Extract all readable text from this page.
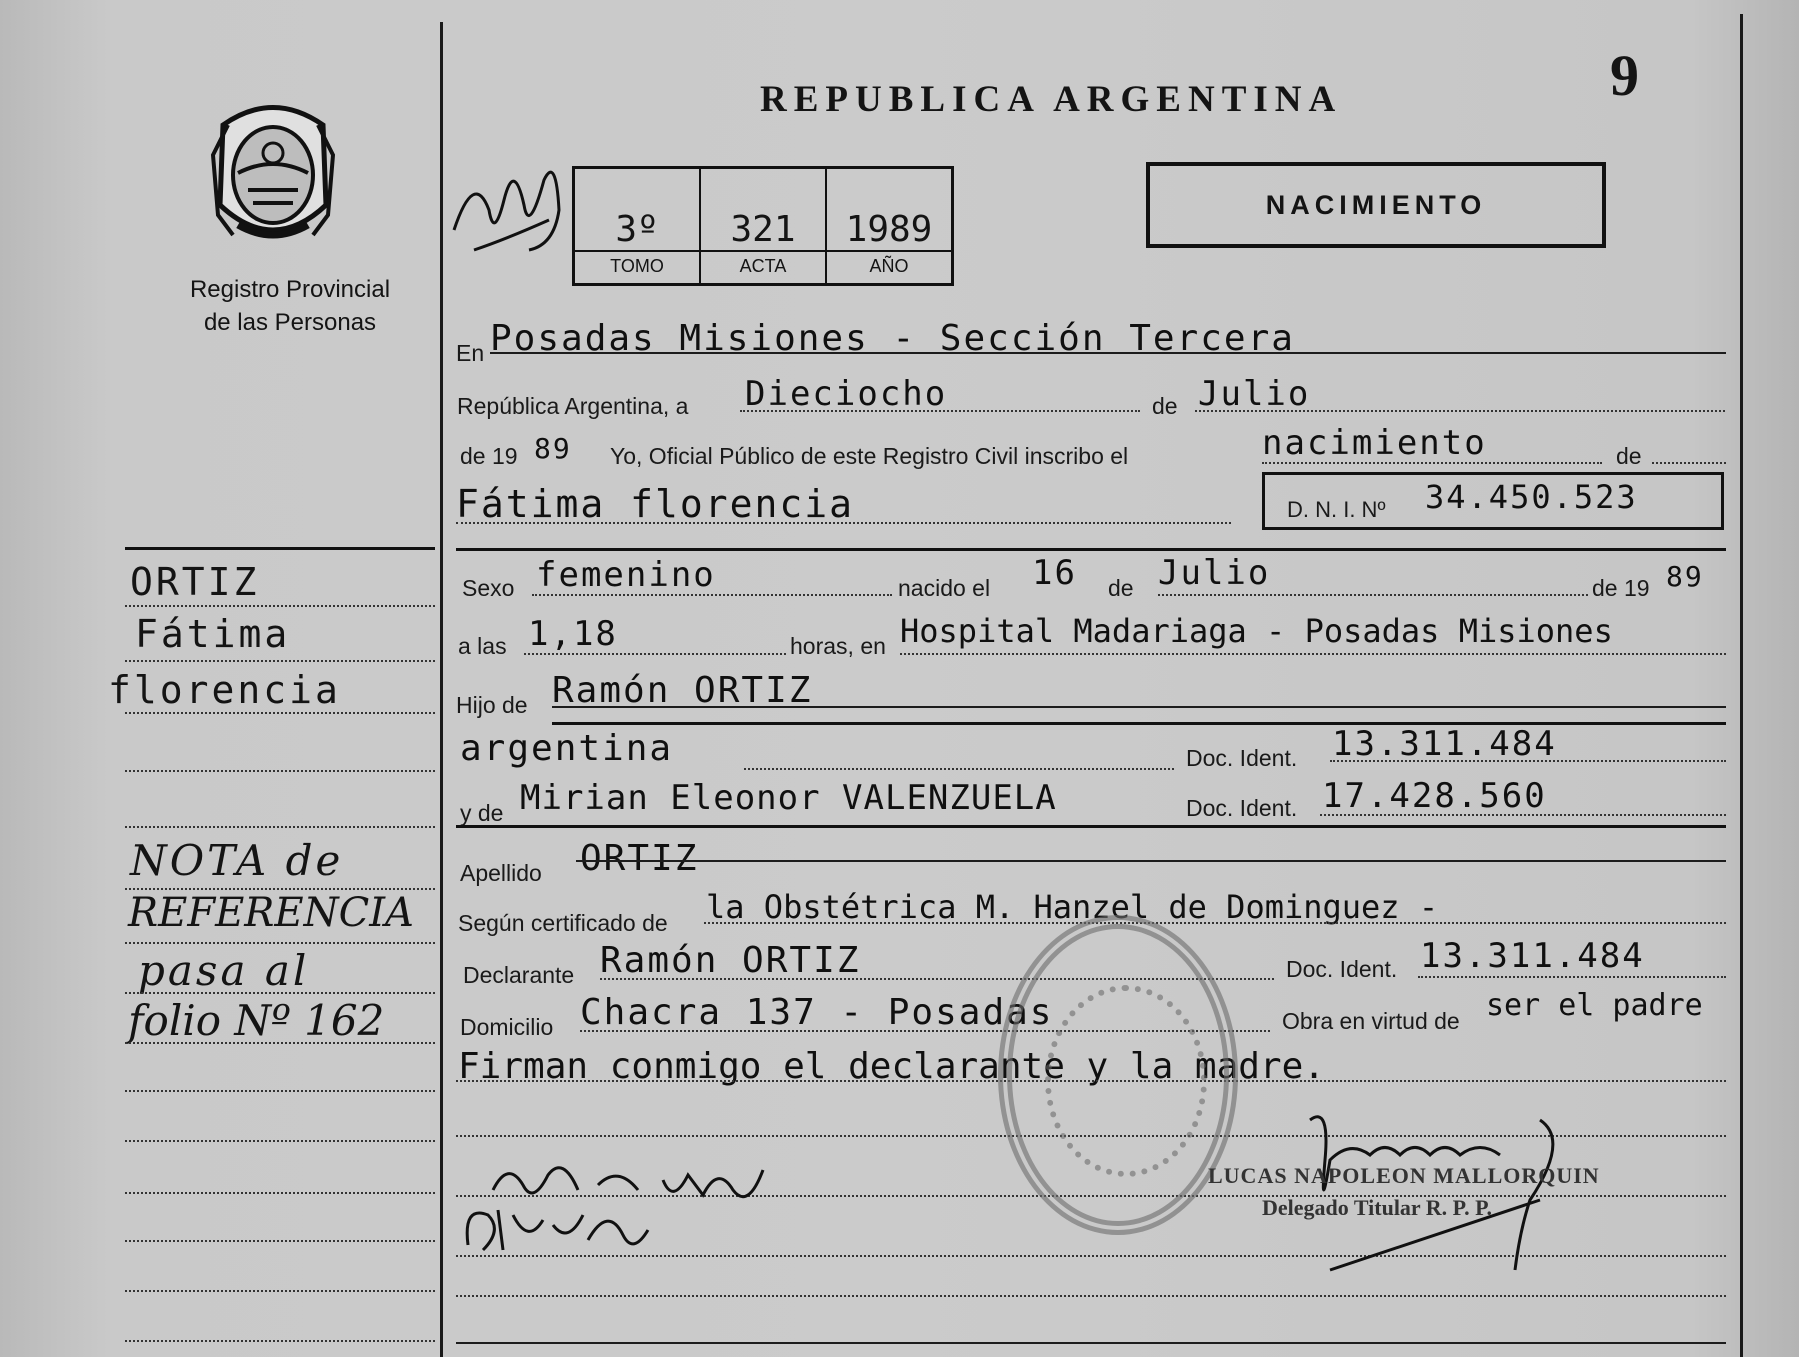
REPUBLICA ARGENTINA	9
NACIMIENTO
Registro Provincial
de las Personas
3º
TOMO
321
ACTA
1989
AÑO
En Posadas Misiones - Sección Tercera
República Argentina, a Dieciocho	de Julio
de 19 89 Yo, Oficial Público de este Registro Civil inscribo el	nacimiento	de
Fátima florencia	D. N. I. Nº 34.450.523
Sexo femenino	nacido el 16 de Julio	de 19 89
a las 1,18	horas, en Hospital Madariaga - Posadas Misiones
Hijo de Ramón ORTIZ
argentina	Doc. Ident. 13.311.484
y de Mirian Eleonor VALENZUELA	Doc. Ident. 17.428.560
Apellido ORTIZ
Según certificado de la Obstétrica M. Hanzel de Dominguez -
Declarante Ramón ORTIZ	Doc. Ident. 13.311.484
Domicilio Chacra 137 - Posadas	Obra en virtud de ser el padre
Firman conmigo el declarante y la madre.
ORTIZ
Fátima
florencia
NOTA de
REFERENCIA
pasa al
folio Nº 162
LUCAS NAPOLEON MALLORQUIN
Delegado Titular R. P. P.
